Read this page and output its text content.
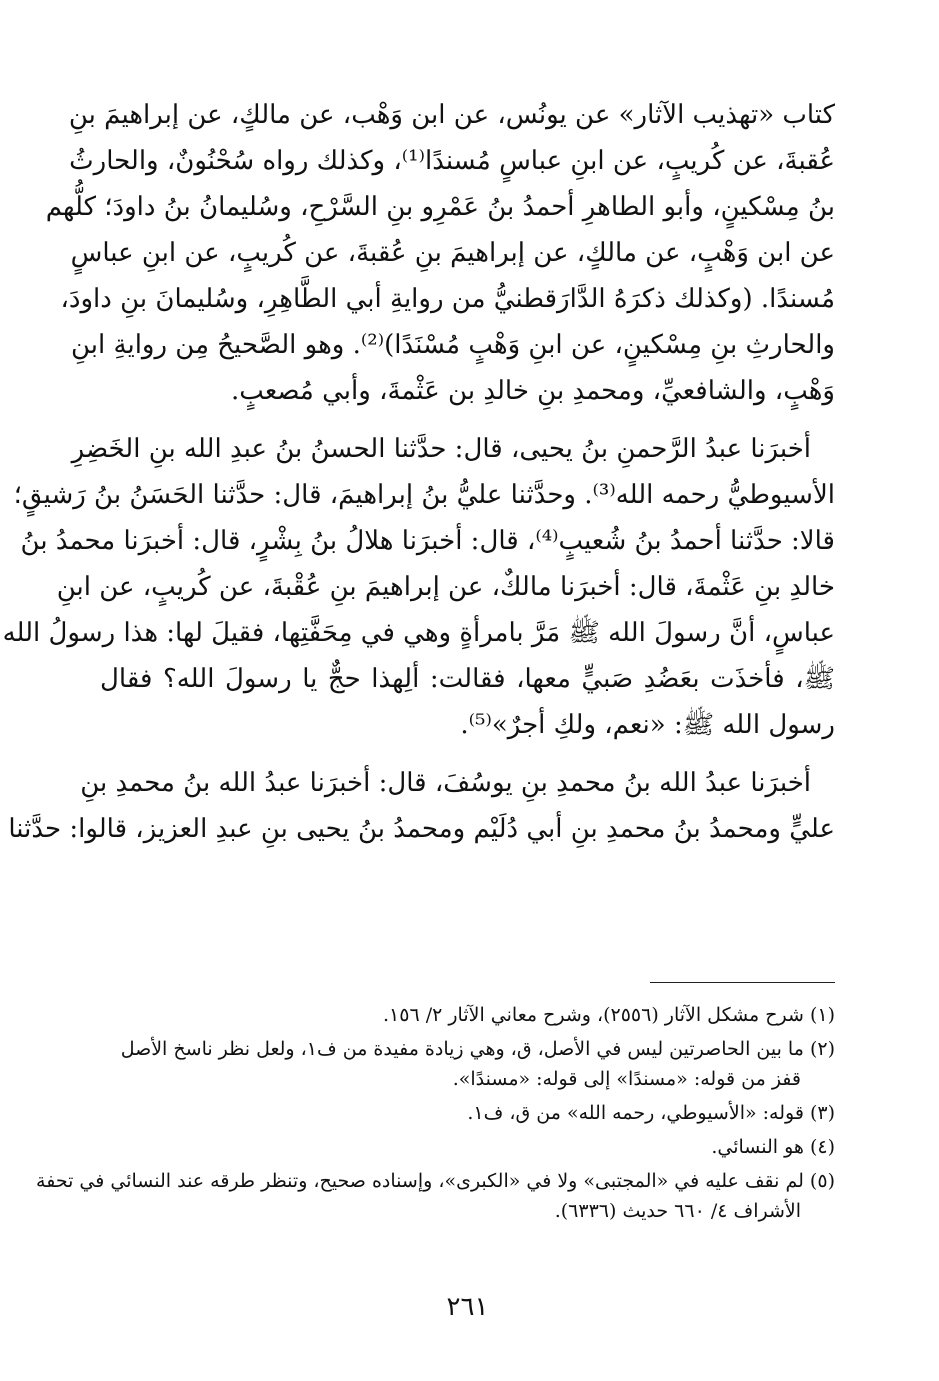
كتاب «تهذيب الآثار» عن يونُس، عن ابن وَهْب، عن مالكٍ، عن إبراهيمَ بنِ
عُقبةَ، عن كُريبٍ، عن ابنِ عباسٍ مُسندًا⁽¹⁾، وكذلك رواه سُحْنُونٌ، والحارثُ
بنُ مِسْكينٍ، وأبو الطاهرِ أحمدُ بنُ عَمْرِو بنِ السَّرْحِ، وسُليمانُ بنُ داودَ؛ كلُّهم
عن ابن وَهْبٍ، عن مالكٍ، عن إبراهيمَ بنِ عُقبةَ، عن كُريبٍ، عن ابنِ عباسٍ
مُسندًا. (وكذلك ذكرَهُ الدَّارَقطنيُّ من روايةِ أبي الطَّاهِرِ، وسُليمانَ بنِ داودَ،
والحارثِ بنِ مِسْكينٍ، عن ابنِ وَهْبٍ مُسْنَدًا)⁽²⁾. وهو الصَّحيحُ مِن روايةِ ابنِ
وَهْبٍ، والشافعيِّ، ومحمدِ بنِ خالدِ بن عَثْمةَ، وأبي مُصعبٍ.

أخبرَنا عبدُ الرَّحمنِ بنُ يحيى، قال: حدَّثنا الحسنُ بنُ عبدِ الله بنِ الخَضِرِ
الأسيوطيُّ رحمه الله⁽³⁾. وحدَّثنا عليُّ بنُ إبراهيمَ، قال: حدَّثنا الحَسَنُ بنُ رَشيقٍ؛
قالا: حدَّثنا أحمدُ بنُ شُعيبٍ⁽⁴⁾، قال: أخبرَنا هلالُ بنُ بِشْرٍ، قال: أخبرَنا محمدُ بنُ
خالدِ بنِ عَثْمةَ، قال: أخبرَنا مالكٌ، عن إبراهيمَ بنِ عُقْبةَ، عن كُريبٍ، عن ابنِ
عباسٍ، أنَّ رسولَ الله ﷺ مَرَّ بامرأةٍ وهي في مِحَفَّتِها، فقيلَ لها: هذا رسولُ الله
ﷺ، فأخذَت بعَضُدِ صَبيٍّ معها، فقالت: ألِهذا حجٌّ يا رسولَ الله؟ فقال
رسول الله ﷺ: «نعم، ولكِ أجرٌ»⁽⁵⁾.

أخبرَنا عبدُ الله بنُ محمدِ بنِ يوسُفَ، قال: أخبرَنا عبدُ الله بنُ محمدِ بنِ
عليٍّ ومحمدُ بنُ محمدِ بنِ أبي دُلَيْم ومحمدُ بنُ يحيى بنِ عبدِ العزيز، قالوا: حدَّثنا

(١) شرح مشكل الآثار (٢٥٥٦)، وشرح معاني الآثار ٢/ ١٥٦.

(٢) ما بين الحاصرتين ليس في الأصل، ق، وهي زيادة مفيدة من ف١، ولعل نظر ناسخ الأصل
قفز من قوله: «مسندًا» إلى قوله: «مسندًا».

(٣) قوله: «الأسيوطي، رحمه الله» من ق، ف١.

(٤) هو النسائي.

(٥) لم نقف عليه في «المجتبى» ولا في «الكبرى»، وإسناده صحيح، وتنظر طرقه عند النسائي في تحفة
الأشراف ٤/ ٦٦٠ حديث (٦٣٣٦).

٢٦١
